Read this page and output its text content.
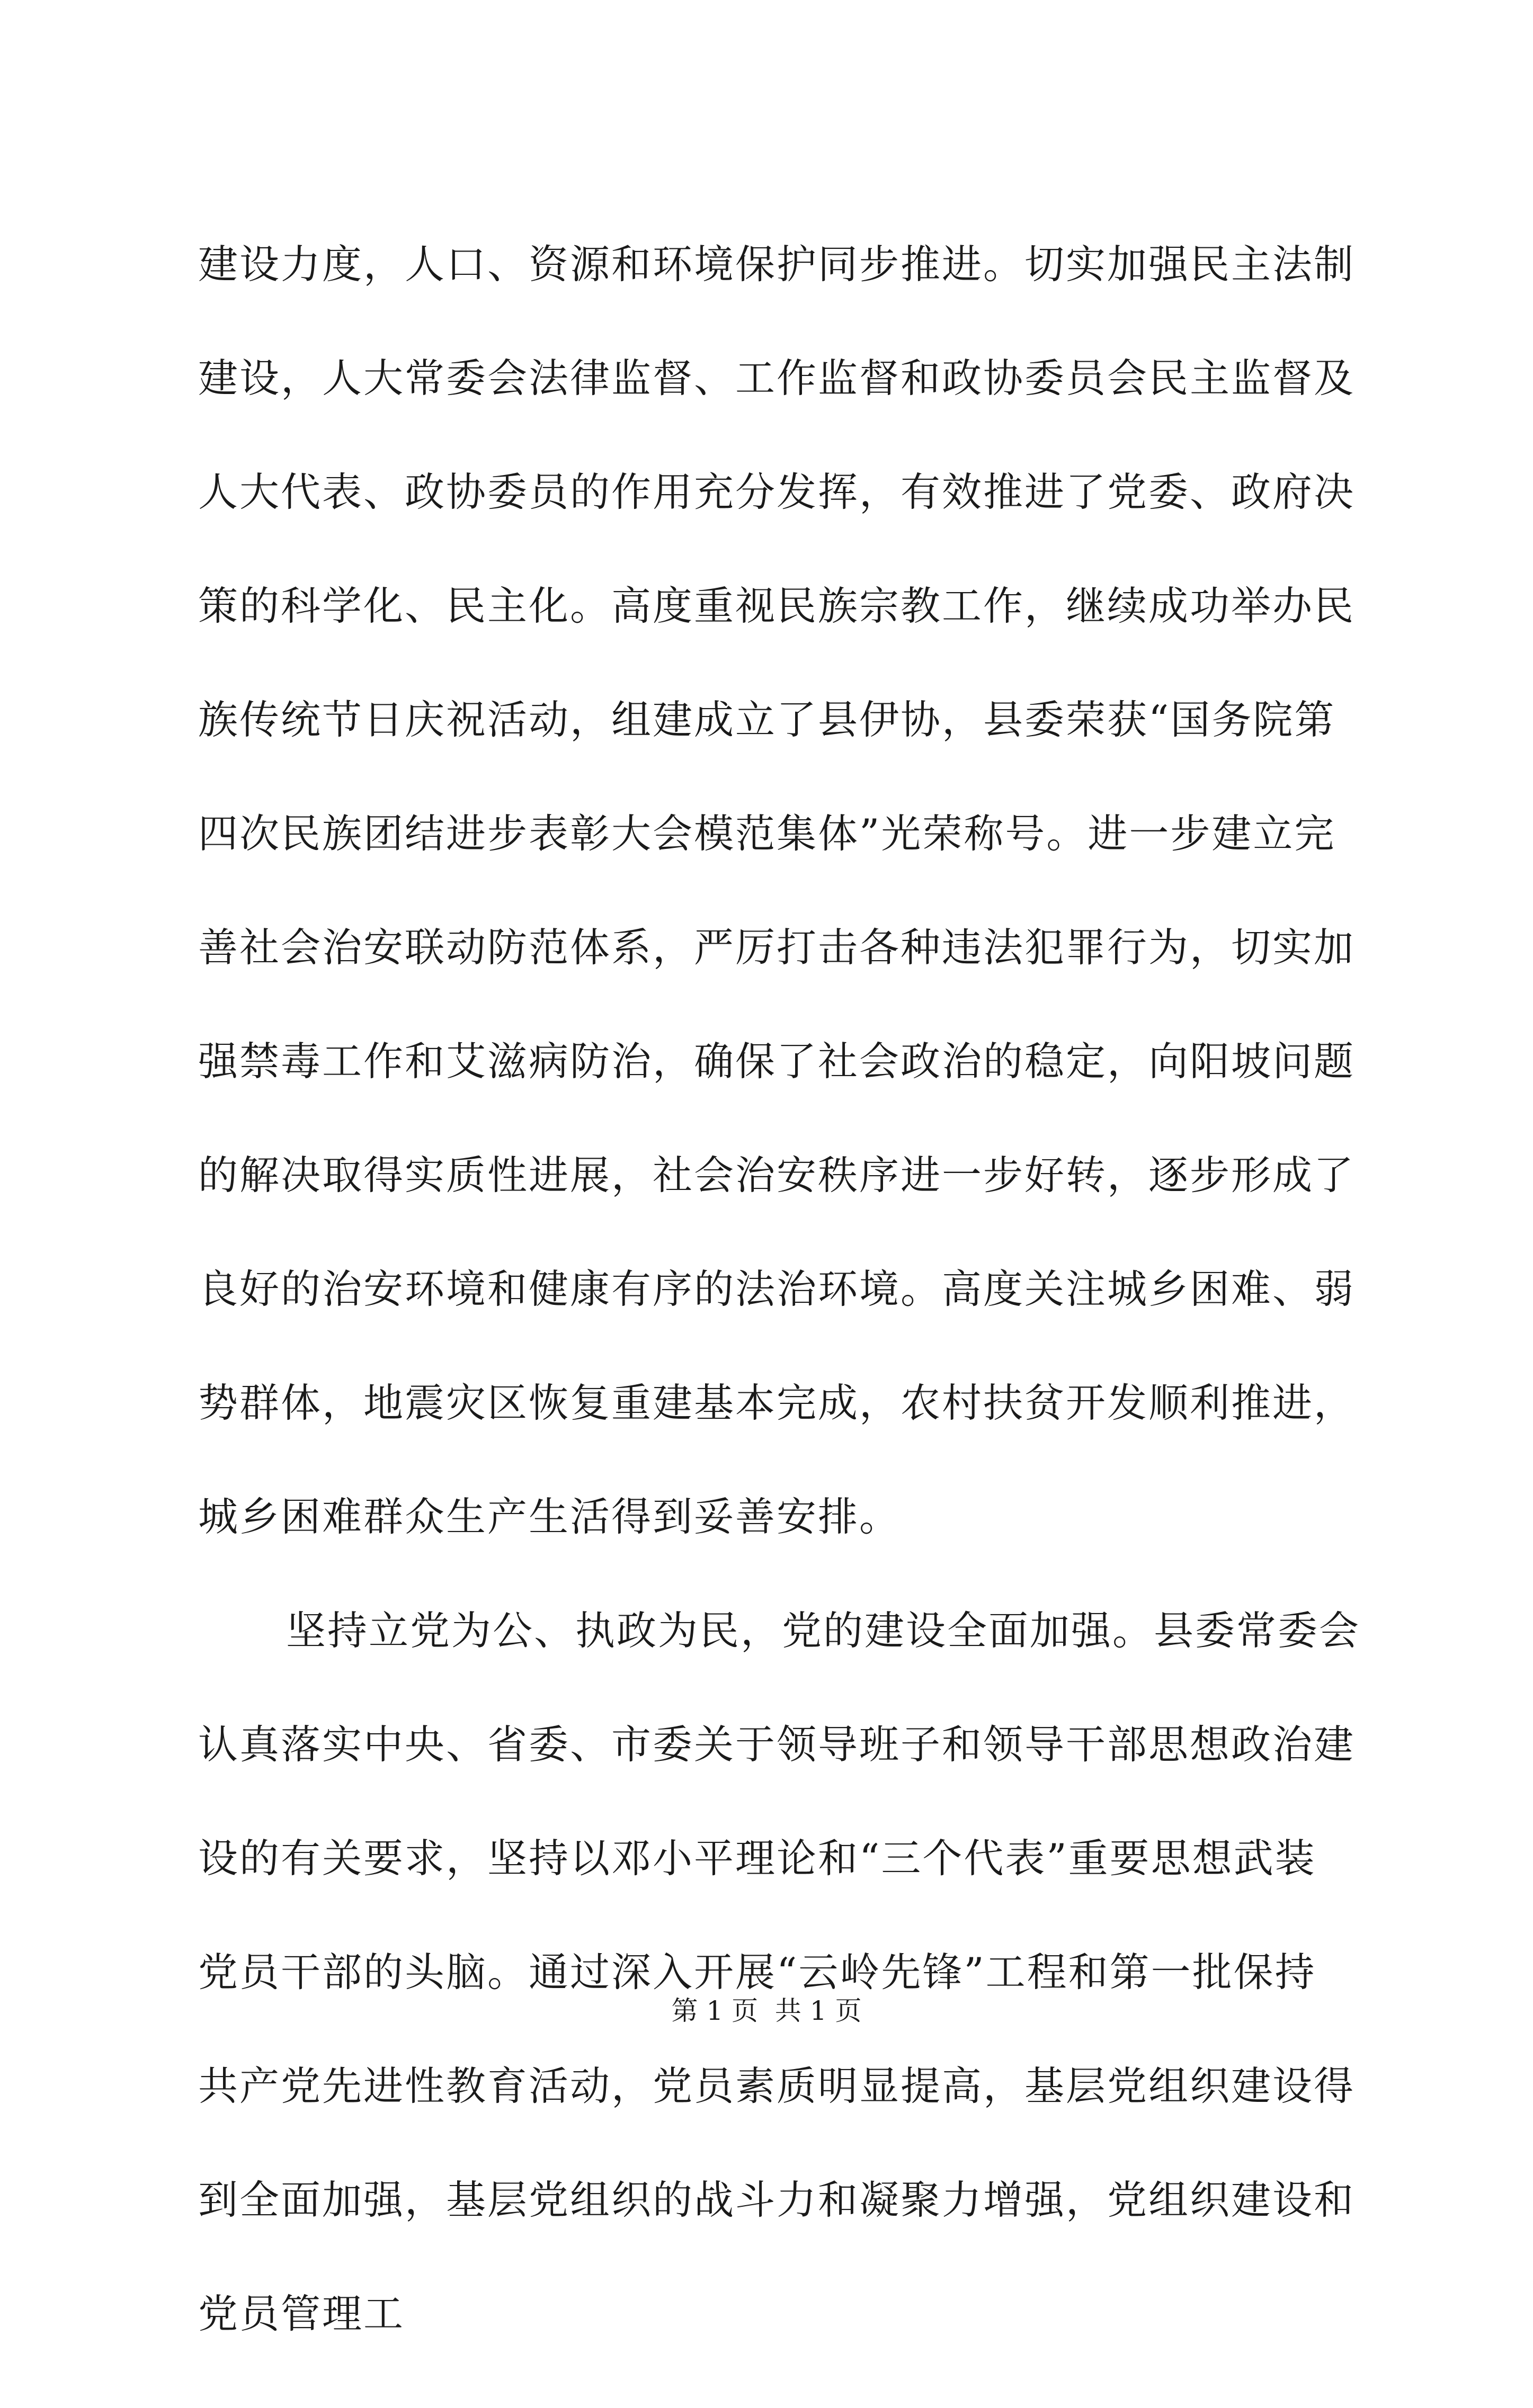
建设力度，人口、资源和环境保护同步推进。切实加强民主法制
建设，人大常委会法律监督、工作监督和政协委员会民主监督及
人大代表、政协委员的作用充分发挥，有效推进了党委、政府决
策的科学化、民主化。高度重视民族宗教工作，继续成功举办民
族传统节日庆祝活动，组建成立了县伊协，县委荣获“国务院第
四次民族团结进步表彰大会模范集体”光荣称号。进一步建立完
善社会治安联动防范体系，严厉打击各种违法犯罪行为，切实加
强禁毒工作和艾滋病防治，确保了社会政治的稳定，向阳坡问题
的解决取得实质性进展，社会治安秩序进一步好转，逐步形成了
良好的治安环境和健康有序的法治环境。高度关注城乡困难、弱
势群体，地震灾区恢复重建基本完成，农村扶贫开发顺利推进，
城乡困难群众生产生活得到妥善安排。
坚持立党为公、执政为民，党的建设全面加强。县委常委会
认真落实中央、省委、市委关于领导班子和领导干部思想政治建
设的有关要求，坚持以邓小平理论和“三个代表”重要思想武装
党员干部的头脑。通过深入开展“云岭先锋”工程和第一批保持
共产党先进性教育活动，党员素质明显提高，基层党组织建设得
到全面加强，基层党组织的战斗力和凝聚力增强，党组织建设和
党员管理工
第 1 页  共 1 页
